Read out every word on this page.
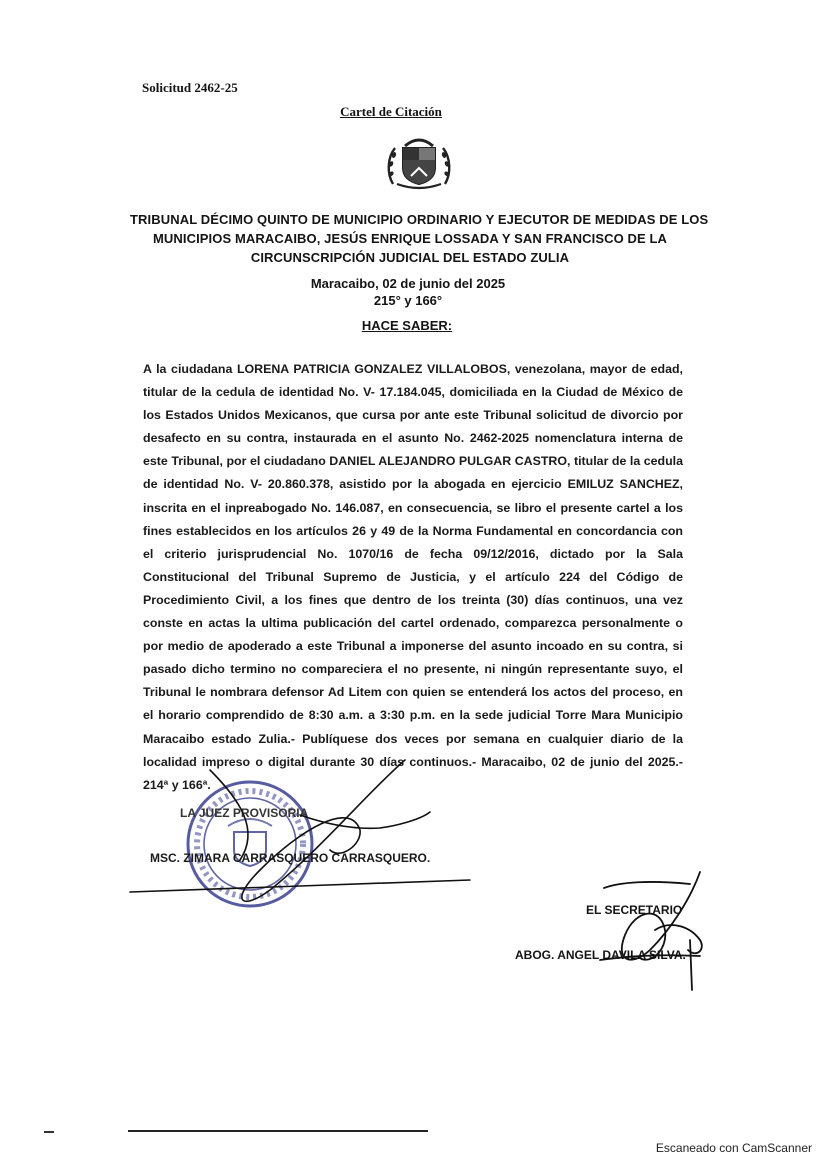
Solicitud 2462-25
Cartel de Citación
TRIBUNAL DÉCIMO QUINTO DE MUNICIPIO ORDINARIO Y EJECUTOR DE MEDIDAS DE LOS
MUNICIPIOS MARACAIBO, JESÚS ENRIQUE LOSSADA Y SAN FRANCISCO DE LA
CIRCUNSCRIPCIÓN JUDICIAL DEL ESTADO ZULIA
Maracaibo, 02 de junio del 2025
215° y 166°
HACE SABER:
A la ciudadana LORENA PATRICIA GONZALEZ VILLALOBOS, venezolana, mayor de edad, titular de la cedula de identidad No. V- 17.184.045, domiciliada en la Ciudad de México de los Estados Unidos Mexicanos, que cursa por ante este Tribunal solicitud de divorcio por desafecto en su contra, instaurada en el asunto No. 2462-2025 nomenclatura interna de este Tribunal, por el ciudadano DANIEL ALEJANDRO PULGAR CASTRO, titular de la cedula de identidad No. V- 20.860.378, asistido por la abogada en ejercicio EMILUZ SANCHEZ, inscrita en el inpreabogado No. 146.087, en consecuencia, se libro el presente cartel a los fines establecidos en los artículos 26 y 49 de la Norma Fundamental en concordancia con el criterio jurisprudencial No. 1070/16 de fecha 09/12/2016, dictado por la Sala Constitucional del Tribunal Supremo de Justicia, y el artículo 224 del Código de Procedimiento Civil, a los fines que dentro de los treinta (30) días continuos, una vez conste en actas la ultima publicación del cartel ordenado, comparezca personalmente o por medio de apoderado a este Tribunal a imponerse del asunto incoado en su contra, si pasado dicho termino no compareciera el no presente, ni ningún representante suyo, el Tribunal le nombrara defensor Ad Litem con quien se entenderá los actos del proceso, en el horario comprendido de 8:30 a.m. a 3:30 p.m. en la sede judicial Torre Mara Municipio Maracaibo estado Zulia.- Publíquese dos veces por semana en cualquier diario de la localidad impreso o digital durante 30 días continuos.- Maracaibo, 02 de junio del 2025.- 214ª y 166ª.
LA JUEZ PROVISORIA
MSC. ZIMARA CARRASQUERO CARRASQUERO.
EL SECRETARIO
ABOG. ANGEL DAVILA SILVA.
Escaneado con CamScanner
